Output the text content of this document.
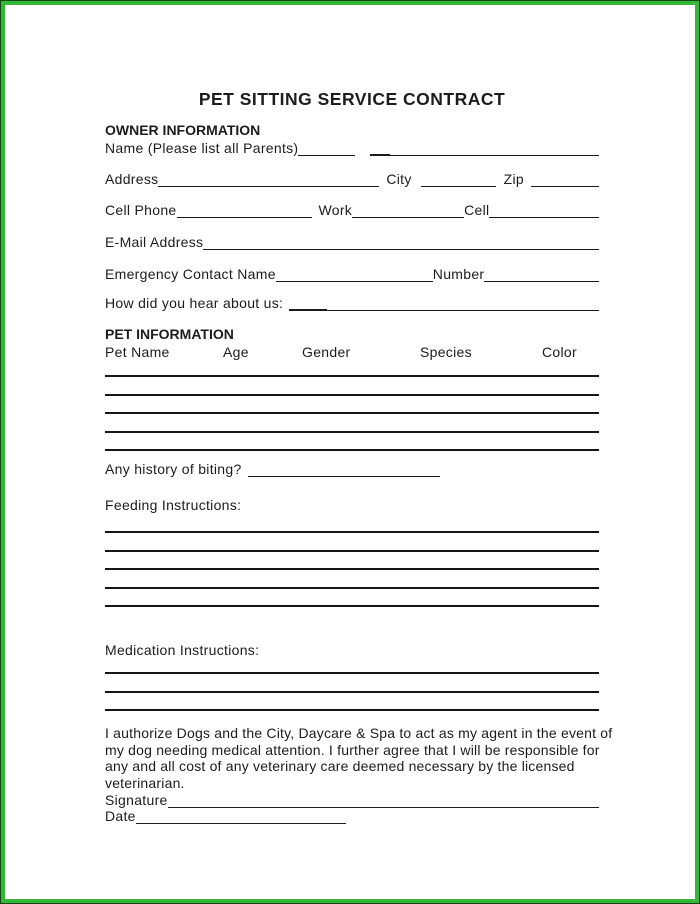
PET SITTING SERVICE CONTRACT
OWNER INFORMATION
Name (Please list all Parents)
Address	City	Zip
Cell Phone	Work	Cell
E-Mail Address
Emergency Contact Name	Number
How did you hear about us:
PET INFORMATION
Pet Name	Age	Gender	Species	Color
Any history of biting?
Feeding Instructions:
Medication Instructions:
I authorize Dogs and the City, Daycare & Spa to act as my agent in the event of
my dog needing medical attention. I further agree that I will be responsible for
any and all cost of any veterinary care deemed necessary by the licensed
veterinarian.
Signature
Date
